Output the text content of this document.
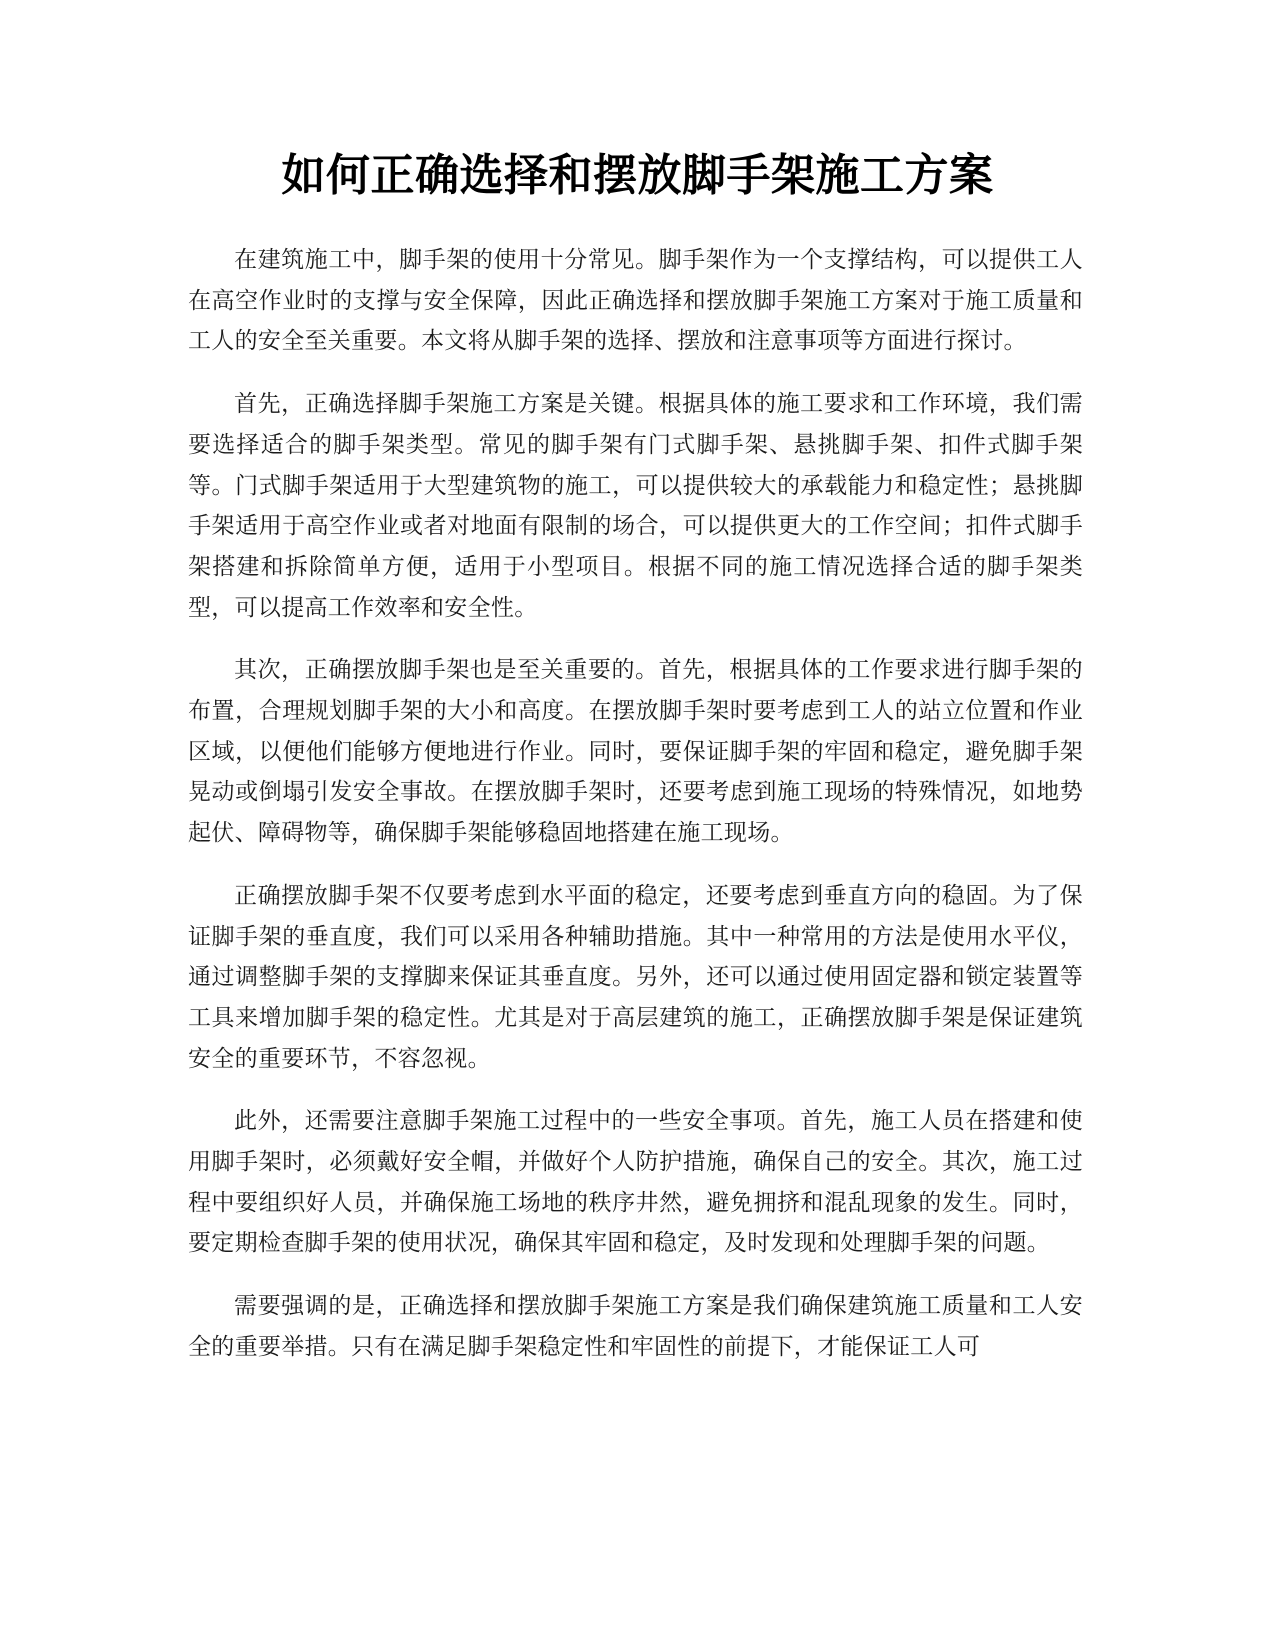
如何正确选择和摆放脚手架施工方案

在建筑施工中，脚手架的使用十分常见。脚手架作为一个支撑结构，可以提供工人在高空作业时的支撑与安全保障，因此正确选择和摆放脚手架施工方案对于施工质量和工人的安全至关重要。本文将从脚手架的选择、摆放和注意事项等方面进行探讨。

首先，正确选择脚手架施工方案是关键。根据具体的施工要求和工作环境，我们需要选择适合的脚手架类型。常见的脚手架有门式脚手架、悬挑脚手架、扣件式脚手架等。门式脚手架适用于大型建筑物的施工，可以提供较大的承载能力和稳定性；悬挑脚手架适用于高空作业或者对地面有限制的场合，可以提供更大的工作空间；扣件式脚手架搭建和拆除简单方便，适用于小型项目。根据不同的施工情况选择合适的脚手架类型，可以提高工作效率和安全性。

其次，正确摆放脚手架也是至关重要的。首先，根据具体的工作要求进行脚手架的布置，合理规划脚手架的大小和高度。在摆放脚手架时要考虑到工人的站立位置和作业区域，以便他们能够方便地进行作业。同时，要保证脚手架的牢固和稳定，避免脚手架晃动或倒塌引发安全事故。在摆放脚手架时，还要考虑到施工现场的特殊情况，如地势起伏、障碍物等，确保脚手架能够稳固地搭建在施工现场。

正确摆放脚手架不仅要考虑到水平面的稳定，还要考虑到垂直方向的稳固。为了保证脚手架的垂直度，我们可以采用各种辅助措施。其中一种常用的方法是使用水平仪，通过调整脚手架的支撑脚来保证其垂直度。另外，还可以通过使用固定器和锁定装置等工具来增加脚手架的稳定性。尤其是对于高层建筑的施工，正确摆放脚手架是保证建筑安全的重要环节，不容忽视。

此外，还需要注意脚手架施工过程中的一些安全事项。首先，施工人员在搭建和使用脚手架时，必须戴好安全帽，并做好个人防护措施，确保自己的安全。其次，施工过程中要组织好人员，并确保施工场地的秩序井然，避免拥挤和混乱现象的发生。同时，要定期检查脚手架的使用状况，确保其牢固和稳定，及时发现和处理脚手架的问题。

需要强调的是，正确选择和摆放脚手架施工方案是我们确保建筑施工质量和工人安全的重要举措。只有在满足脚手架稳定性和牢固性的前提下，才能保证工人可
